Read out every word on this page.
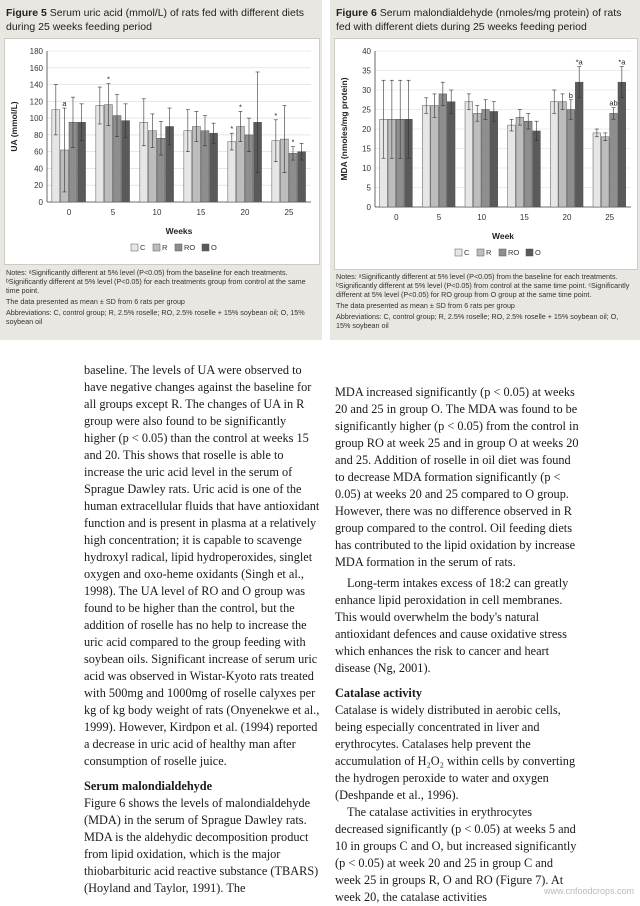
Figure 5 Serum uric acid (mmol/L) of rats fed with different diets during 25 weeks feeding period
0
20
40
60
80
100
120
140
160
180
UA (mmol/L)	a
0
*
5	10	15
*
*
20
*
*
25
Weeks
C R RO O

Notes: ᵃSignificantly different at 5% level (P<0.05) from the baseline for each treatments. ᵇSignificantly different at 5% level (P<0.05) for each treatments group from control at the same time point.

The data presented as mean ± SD from 6 rats per group

Abbreviations: C, control group; R, 2.5% roselle; RO, 2.5% roselle + 15% soybean oil; O, 15% soybean oil

Figure 6 Serum malondialdehyde (nmoles/mg protein) of rats fed with different diets during 25 weeks feeding period
0
5
10
15
20
25
30
35
40
MDA (nmoles/mg protein)
0	5	10	15
b
*a
20
ab
*a
25
Week
C R RO O

Notes: ᵃSignificantly different at 5% level (P<0.05) from the baseline for each treatments. ᵇSignificantly different at 5% level (P<0.05) from control at the same time point. ᶜSignificantly different at 5% level (P<0.05) for RO group from O group at the same time point.

The data presented as mean ± SD from 6 rats per group

Abbreviations: C, control group; R, 2.5% roselle; RO, 2.5% roselle + 15% soybean oil; O, 15% soybean oil

baseline. The levels of UA were observed to have negative changes against the baseline for all groups except R. The changes of UA in R group were also found to be significantly higher (p < 0.05) than the control at weeks 15 and 20. This shows that roselle is able to increase the uric acid level in the serum of Sprague Dawley rats. Uric acid is one of the human extracellular fluids that have antioxidant function and is present in plasma at a relatively high concentration; it is capable to scavenge hydroxyl radical, lipid hydroperoxides, singlet oxygen and oxo-heme oxidants (Singh et al., 1998). The UA level of RO and O group was found to be higher than the control, but the addition of roselle has no help to increase the uric acid compared to the group feeding with soybean oils. Significant increase of serum uric acid was observed in Wistar-Kyoto rats treated with 500mg and 1000mg of roselle calyxes per kg of kg body weight of rats (Onyenekwe et al., 1999). However, Kirdpon et al. (1994) reported a decrease in uric acid of healthy man after consumption of roselle juice.

Serum malondialdehyde

Figure 6 shows the levels of malondialdehyde (MDA) in the serum of Sprague Dawley rats. MDA is the aldehydic decomposition product from lipid oxidation, which is the major thiobarbituric acid reactive substance (TBARS) (Hoyland and Taylor, 1991). The

MDA increased significantly (p < 0.05) at weeks 20 and 25 in group O. The MDA was found to be significantly higher (p < 0.05) from the control in group RO at week 25 and in group O at weeks 20 and 25. Addition of roselle in oil diet was found to decrease MDA formation significantly (p < 0.05) at weeks 20 and 25 compared to O group. However, there was no difference observed in R group compared to the control. Oil feeding diets has contributed to the lipid oxidation by increase MDA formation in the serum of rats.

Long-term intakes excess of 18:2 can greatly enhance lipid peroxidation in cell membranes. This would overwhelm the body's natural antioxidant defences and cause oxidative stress which enhances the risk to cancer and heart disease (Ng, 2001).

Catalase activity

Catalase is widely distributed in aerobic cells, being especially concentrated in liver and erythrocytes. Catalases help prevent the accumulation of H₂O₂ within cells by converting the hydrogen peroxide to water and oxygen (Deshpande et al., 1996).

The catalase activities in erythrocytes decreased significantly (p < 0.05) at weeks 5 and 10 in groups C and O, but increased significantly (p < 0.05) at week 20 and 25 in group C and week 25 in groups R, O and RO (Figure 7). At week 20, the catalase activities	www.cnfoodcrops.com
